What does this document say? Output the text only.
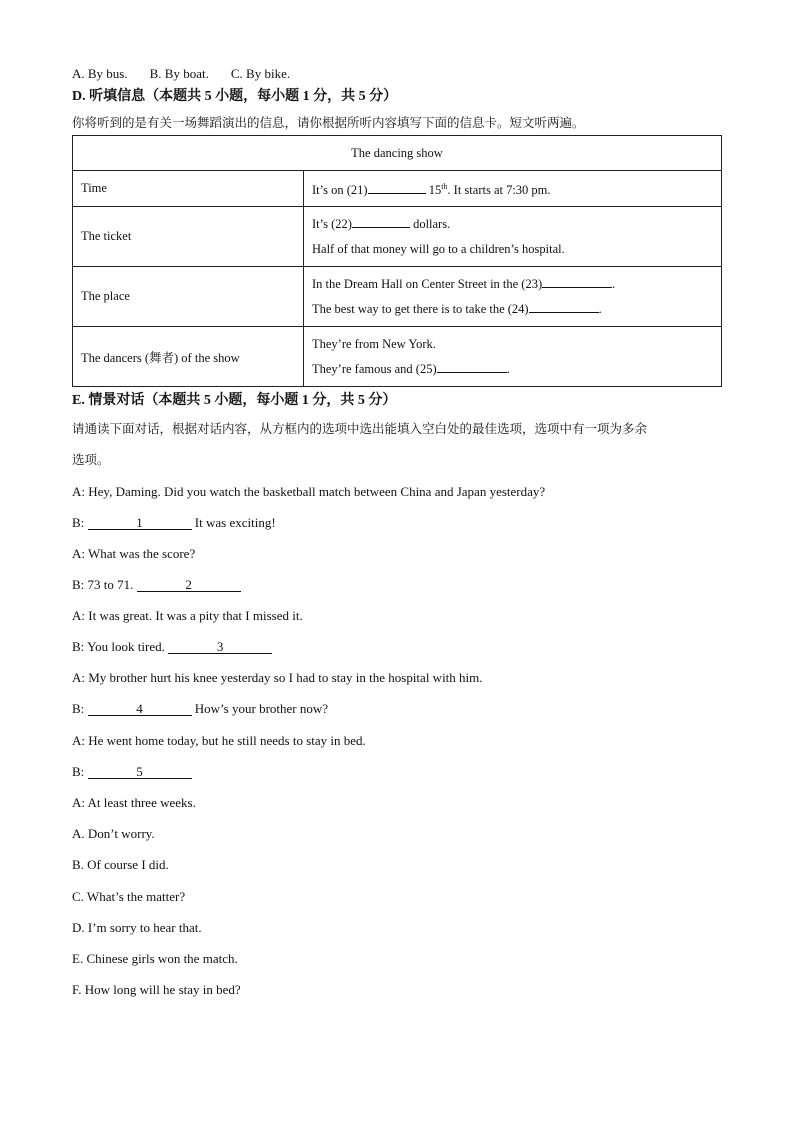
A. By bus. B. By boat. C. By bike.
D. 听填信息（本题共 5 小题，每小题 1 分，共 5 分）
你将听到的是有关一场舞蹈演出的信息，请你根据所听内容填写下面的信息卡。短文听两遍。
The dancing show	
Time	It’s on (21) 15th. It starts at 7:30 pm.

The ticket	It’s (22) dollars.
Half of that money will go to a children’s hospital.

The place	In the Dream Hall on Center Street in the (23) .
The best way to get there is to take the (24) .

The dancers (舞者) of the show	They’re from New York.
They’re famous and (25) .
E. 情景对话（本题共 5 小题，每小题 1 分，共 5 分）
请通读下面对话，根据对话内容，从方框内的选项中选出能填入空白处的最佳选项，选项中有一项为多余
选项。
A: Hey, Daming. Did you watch the basketball match between China and Japan yesterday?
B:	1	It was exciting!
A: What was the score?
B: 73 to 71.	2
A: It was great. It was a pity that I missed it.
B: You look tired.	3
A: My brother hurt his knee yesterday so I had to stay in the hospital with him.
B:	4	How’s your brother now?
A: He went home today, but he still needs to stay in bed.
B:	5
A: At least three weeks.
A. Don’t worry.
B. Of course I did.
C. What’s the matter?
D. I’m sorry to hear that.
E. Chinese girls won the match.
F. How long will he stay in bed?
